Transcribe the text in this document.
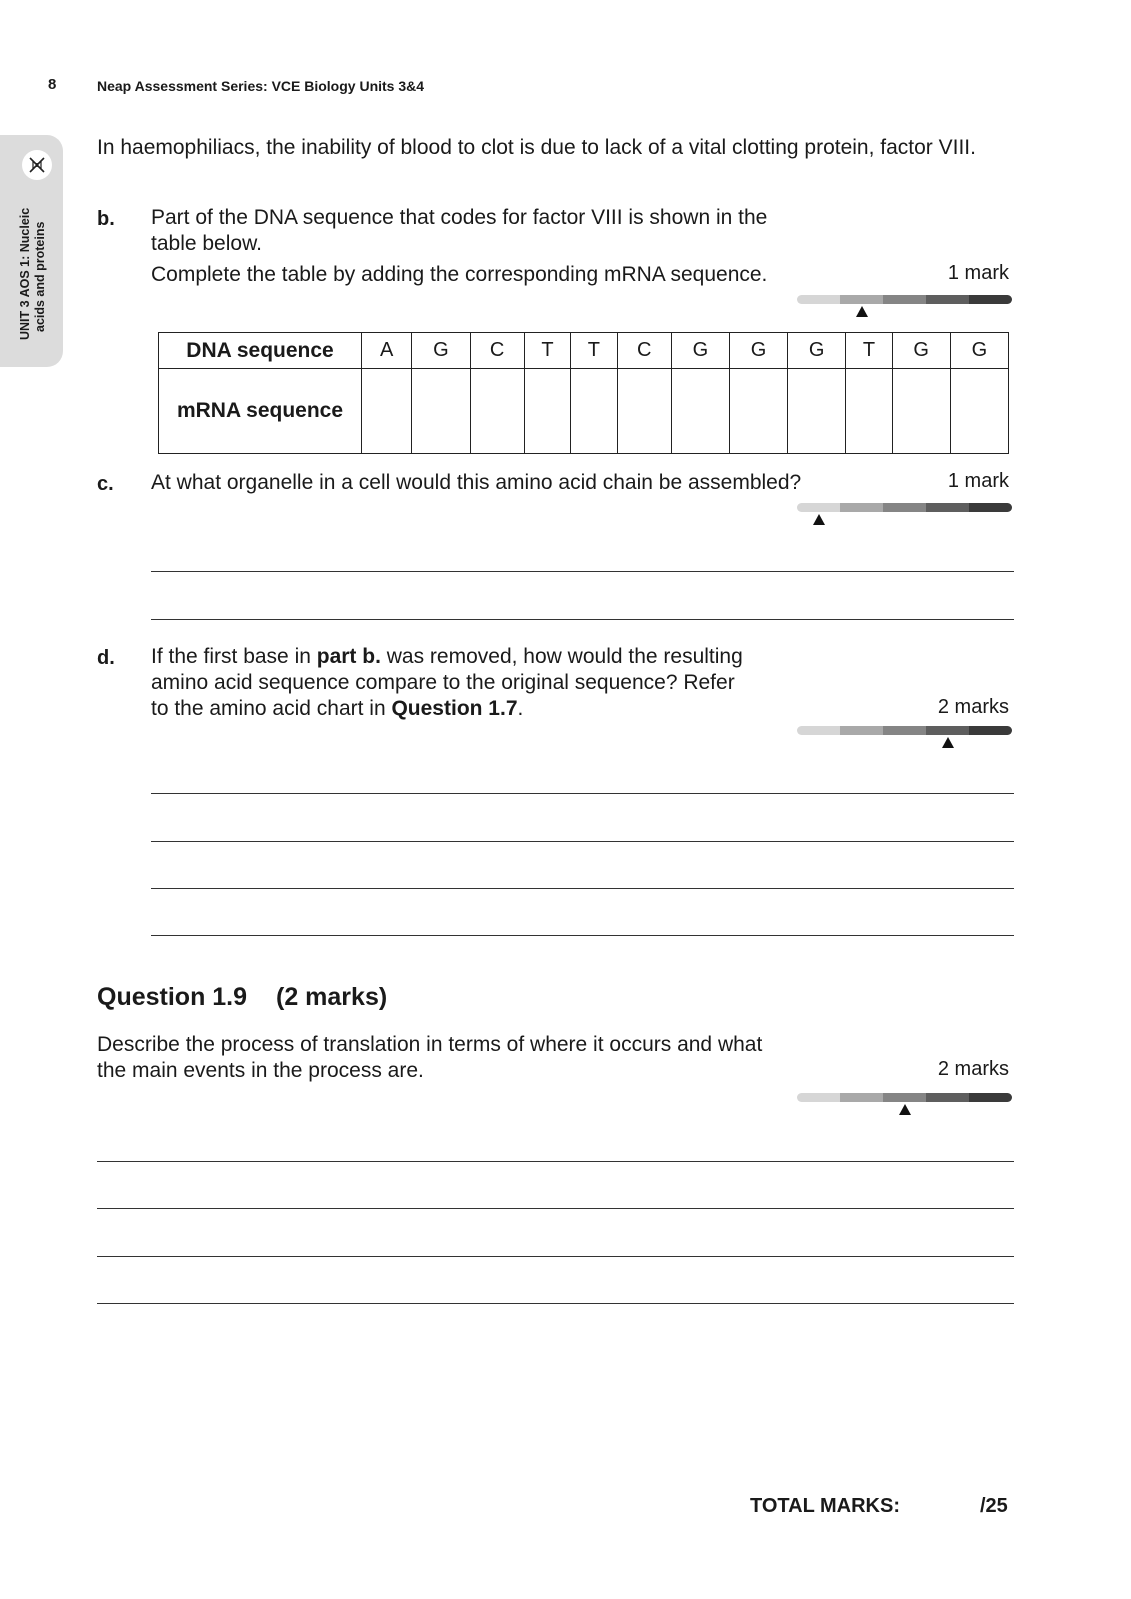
8	Neap Assessment Series: VCE Biology Units 3&4
UNIT 3 AOS 1: Nucleic acids and proteins
In haemophiliacs, the inability of blood to clot is due to lack of a vital clotting protein, factor VIII.
b. Part of the DNA sequence that codes for factor VIII is shown in the
table below.
Complete the table by adding the corresponding mRNA sequence.	1 mark
DNA sequence	A	G	C	T	T	C	G	G	G	T	G	G
mRNA sequence												
c. At what organelle in a cell would this amino acid chain be assembled?	1 mark
d. If the first base in part b. was removed, how would the resulting
amino acid sequence compare to the original sequence? Refer
to the amino acid chart in Question 1.7.	2 marks
Question 1.9 (2 marks)
Describe the process of translation in terms of where it occurs and what
the main events in the process are.	2 marks
TOTAL MARKS:	/25
